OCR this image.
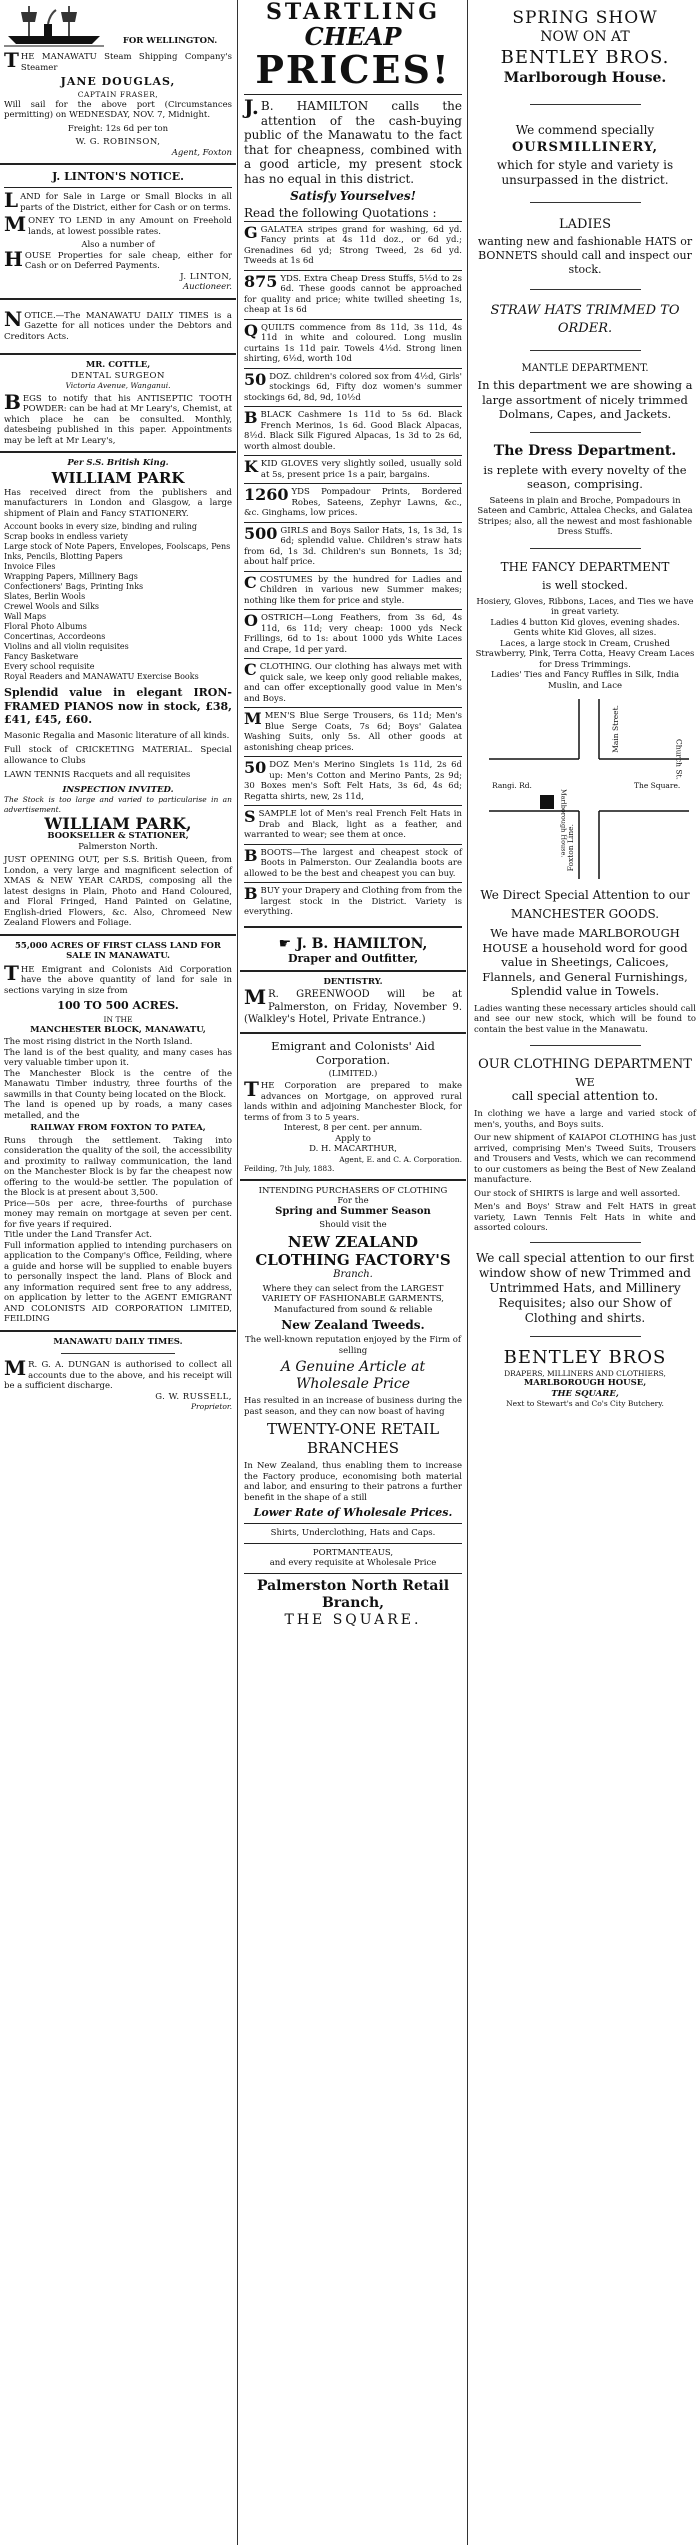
FOR WELLINGTON.
THE MANAWATU Steam Shipping Company's Steamer
JANE DOUGLAS,
CAPTAIN FRASER,
Will sail for the above port (Circumstances permitting) on WEDNESDAY, NOV. 7, Midnight.
Freight: 12s 6d per ton
W. G. ROBINSON,
Agent, Foxton
J. LINTON'S NOTICE.
LAND for Sale in Large or Small Blocks in all parts of the District, either for Cash or on terms.
MONEY TO LEND in any Amount on Freehold lands, at lowest possible rates.
Also a number of
HOUSE Properties for sale cheap, either for Cash or on Deferred Payments.
J. LINTON,
Auctioneer.
NOTICE.—The MANAWATU DAILY TIMES is a Gazette for all notices under the Debtors and Creditors Acts.
MR. COTTLE,
DENTAL SURGEON
Victoria Avenue, Wanganui.
BEGS to notify that his ANTISEPTIC TOOTH POWDER: can be had at Mr Leary's, Chemist, at which place he can be consulted. Monthly, datesbeing published in this paper. Appointments may be left at Mr Leary's,
Per S.S. British King.
WILLIAM PARK
Has received direct from the publishers and manufacturers in London and Glasgow, a large shipment of Plain and Fancy STATIONERY.
Account books in every size, binding and ruling
Scrap books in endless variety
Large stock of Note Papers, Envelopes, Foolscaps, Pens
Inks, Pencils, Blotting Papers
Invoice Files
Wrapping Papers, Millinery Bags
Confectioners' Bags, Printing Inks
Slates, Berlin Wools
Crewel Wools and Silks
Wall Maps
Floral Photo Albums
Concertinas, Accordeons
Violins and all violin requisites
Fancy Basketware
Every school requisite
Royal Readers and MANAWATU Exercise Books
Splendid value in elegant IRON-FRAMED PIANOS now in stock, £38, £41, £45, £60.
Masonic Regalia and Masonic literature of all kinds.
Full stock of CRICKETING MATERIAL. Special allowance to Clubs
LAWN TENNIS Racquets and all requisites
INSPECTION INVITED.
The Stock is too large and varied to particularise in an advertisement.
WILLIAM PARK,
BOOKSELLER & STATIONER,
Palmerston North.
JUST OPENING OUT, per S.S. British Queen, from London, a very large and magnificent selection of XMAS & NEW YEAR CARDS, composing all the latest designs in Plain, Photo and Hand Coloured, and Floral Fringed, Hand Painted on Gelatine, English-dried Flowers, &c. Also, Chromeed New Zealand Flowers and Foliage.
55,000 ACRES OF FIRST CLASS LAND FOR SALE IN MANAWATU.
THE Emigrant and Colonists Aid Corporation have the above quantity of land for sale in sections varying in size from
100 TO 500 ACRES.
IN THE
MANCHESTER BLOCK, MANAWATU,
The most rising district in the North Island.
The land is of the best quality, and many cases has very valuable timber upon it.
The Manchester Block is the centre of the Manawatu Timber industry, three fourths of the sawmills in that County being located on the Block.
The land is opened up by roads, a many cases metalled, and the
RAILWAY FROM FOXTON TO PATEA,
Runs through the settlement. Taking into consideration the quality of the soil, the accessibility and proximity to railway communication, the land on the Manchester Block is by far the cheapest now offering to the would-be settler. The population of the Block is at present about 3,500.
Price—50s per acre, three-fourths of purchase money may remain on mortgage at seven per cent. for five years if required.
Title under the Land Transfer Act.
Full information applied to intending purchasers on application to the Company's Office, Feilding, where a guide and horse will be supplied to enable buyers to personally inspect the land. Plans of Block and any information required sent free to any address, on application by letter to the AGENT EMIGRANT AND COLONISTS AID CORPORATION LIMITED, FEILDING
MANAWATU DAILY TIMES.
MR. G. A. DUNGAN is authorised to collect all accounts due to the above, and his receipt will be a sufficient discharge.
G. W. RUSSELL,
Proprietor.
STARTLING
CHEAP
PRICES!
J.B. HAMILTON calls the attention of the cash-buying public of the Manawatu to the fact that for cheapness, combined with a good article, my present stock has no equal in this district.
Satisfy Yourselves!
Read the following Quotations :
G GALATEA stripes grand for washing, 6d yd. Fancy prints at 4s 11d doz., or 6d yd.; Grenadines 6d yd; Strong Tweed, 2s 6d yd. Tweeds at 1s 6d
875 YDS. Extra Cheap Dress Stuffs, 5½d to 2s 6d. These goods cannot be approached for quality and price; white twilled sheeting 1s, cheap at 1s 6d
Q QUILTS commence from 8s 11d, 3s 11d, 4s 11d in white and coloured. Long muslin curtains 1s 11d pair. Towels 4½d. Strong linen shirting, 6½d, worth 10d
50 DOZ. children's colored sox from 4½d, Girls' stockings 6d, Fifty doz women's summer stockings 6d, 8d, 9d, 10½d
B BLACK Cashmere 1s 11d to 5s 6d. Black French Merinos, 1s 6d. Good Black Alpacas, 8½d. Black Silk Figured Alpacas, 1s 3d to 2s 6d, worth almost double.
K KID GLOVES very slightly soiled, usually sold at 5s, present price 1s a pair, bargains.
1260 YDS Pompadour Prints, Bordered Robes, Sateens, Zephyr Lawns, &c., &c. Ginghams, low prices.
500 GIRLS and Boys Sailor Hats, 1s, 1s 3d, 1s 6d; splendid value. Children's straw hats from 6d, 1s 3d. Children's sun Bonnets, 1s 3d; about half price.
C COSTUMES by the hundred for Ladies and Children in various new Summer makes; nothing like them for price and style.
O OSTRICH—Long Feathers, from 3s 6d, 4s 11d, 6s 11d; very cheap: 1000 yds Neck Frillings, 6d to 1s: about 1000 yds White Laces and Crape, 1d per yard.
C CLOTHING. Our clothing has always met with quick sale, we keep only good reliable makes, and can offer exceptionally good value in Men's and Boys.
M MEN'S Blue Serge Trousers, 6s 11d; Men's Blue Serge Coats, 7s 6d; Boys' Galatea Washing Suits, only 5s. All other goods at astonishing cheap prices.
50 DOZ Men's Merino Singlets 1s 11d, 2s 6d up: Men's Cotton and Merino Pants, 2s 9d; 30 Boxes men's Soft Felt Hats, 3s 6d, 4s 6d; Regatta shirts, new, 2s 11d,
S SAMPLE lot of Men's real French Felt Hats in Drab and Black, light as a feather, and warranted to wear; see them at once.
B BOOTS—The largest and cheapest stock of Boots in Palmerston. Our Zealandia boots are allowed to be the best and cheapest you can buy.
B BUY your Drapery and Clothing from from the largest stock in the District. Variety is everything.
☛ J. B. HAMILTON,
Draper and Outfitter,
DENTISTRY.
MR. GREENWOOD will be at Palmerston, on Friday, November 9. (Walkley's Hotel, Private Entrance.)
Emigrant and Colonists' Aid Corporation.
(LIMITED.)
THE Corporation are prepared to make advances on Mortgage, on approved rural lands within and adjoining Manchester Block, for terms of from 3 to 5 years.
Interest, 8 per cent. per annum.
Apply to
D. H. MACARTHUR,
Agent, E. and C. A. Corporation.
Feilding, 7th July, 1883.
INTENDING PURCHASERS OF CLOTHING
For the
Spring and Summer Season
Should visit the
NEW ZEALAND CLOTHING FACTORY'S
Branch.
Where they can select from the LARGEST VARIETY OF FASHIONABLE GARMENTS, Manufactured from sound & reliable
New Zealand Tweeds.
The well-known reputation enjoyed by the Firm of selling
A Genuine Article at Wholesale Price
Has resulted in an increase of business during the past season, and they can now boast of having
TWENTY-ONE RETAIL BRANCHES
In New Zealand, thus enabling them to increase the Factory produce, economising both material and labor, and ensuring to their patrons a further benefit in the shape of a still
Lower Rate of Wholesale Prices.
Shirts, Underclothing, Hats and Caps.
PORTMANTEAUS,
and every requisite at Wholesale Price
Palmerston North Retail Branch,
THE SQUARE.
SPRING SHOW
NOW ON AT
BENTLEY BROS.
Marlborough House.
We commend specially
OURSMILLINERY,
which for style and variety is unsurpassed in the district.
LADIES
wanting new and fashionable HATS or BONNETS should call and inspect our stock.
STRAW HATS TRIMMED TO ORDER.
MANTLE DEPARTMENT.
In this department we are showing a large assortment of nicely trimmed Dolmans, Capes, and Jackets.
The Dress Department.
is replete with every novelty of the season, comprising.
Sateens in plain and Broche, Pompadours in Sateen and Cambric, Attalea Checks, and Galatea Stripes; also, all the newest and most fashionable Dress Stuffs.
THE FANCY DEPARTMENT
is well stocked.
Hosiery, Gloves, Ribbons, Laces, and Ties we have in great variety.
Ladies 4 button Kid gloves, evening shades.
Gents white Kid Gloves, all sizes.
Laces, a large stock in Cream, Crushed Strawberry, Pink, Terra Cotta, Heavy Cream Laces for Dress Trimmings.
Ladies' Ties and Fancy Ruffles in Silk, India Muslin, and Lace
Main Street.
Rangi. Rd.	The Square.
Marlborough House.
Foxton Line.
Church St.
We Direct Special Attention to our
MANCHESTER GOODS.
We have made MARLBOROUGH HOUSE a household word for good value in Sheetings, Calicoes, Flannels, and General Furnishings, Splendid value in Towels.
Ladies wanting these necessary articles should call and see our new stock, which will be found to contain the best value in the Manawatu.
OUR CLOTHING DEPARTMENT
WE
call special attention to.
In clothing we have a large and varied stock of men's, youths, and Boys suits.
Our new shipment of KAIAPOI CLOTHING has just arrived, comprising Men's Tweed Suits, Trousers and Trousers and Vests, which we can recommend to our customers as being the Best of New Zealand manufacture.
Our stock of SHIRTS is large and well assorted.
Men's and Boys' Straw and Felt HATS in great variety, Lawn Tennis Felt Hats in white and assorted colours.
We call special attention to our first window show of new Trimmed and Untrimmed Hats, and Millinery Requisites; also our Show of Clothing and shirts.
BENTLEY BROS
DRAPERS, MILLINERS AND CLOTHIERS,
MARLBOROUGH HOUSE,
THE SQUARE,
Next to Stewart's and Co's City Butchery.
